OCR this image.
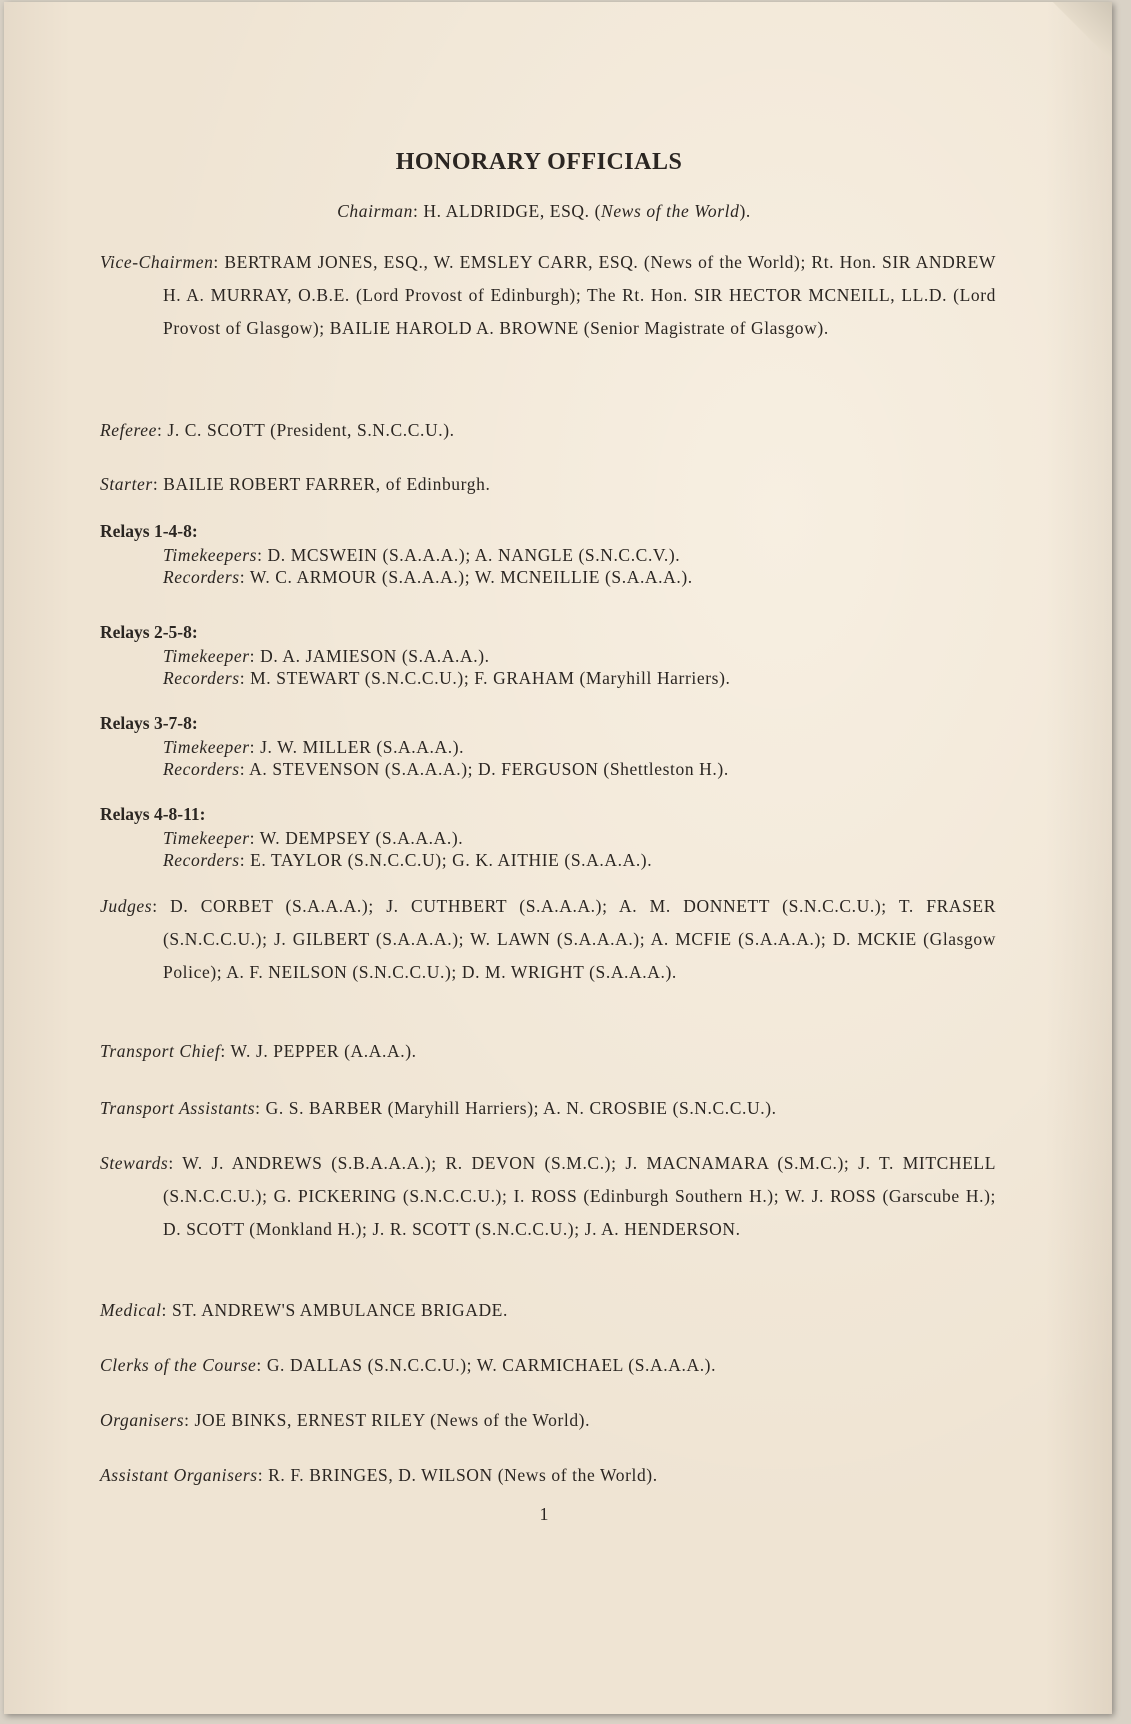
HONORARY OFFICIALS
Chairman: H. ALDRIDGE, ESQ. (News of the World).
Vice-Chairmen: BERTRAM JONES, ESQ., W. EMSLEY CARR, ESQ. (News of the World); Rt. Hon. SIR ANDREW H. A. MURRAY, O.B.E. (Lord Provost of Edinburgh); The Rt. Hon. SIR HECTOR MCNEILL, LL.D. (Lord Provost of Glasgow); BAILIE HAROLD A. BROWNE (Senior Magistrate of Glasgow).
Referee: J. C. SCOTT (President, S.N.C.C.U.).
Starter: BAILIE ROBERT FARRER, of Edinburgh.
Relays 1-4-8:
Timekeepers: D. MCSWEIN (S.A.A.A.); A. NANGLE (S.N.C.C.V.).
Recorders: W. C. ARMOUR (S.A.A.A.); W. MCNEILLIE (S.A.A.A.).
Relays 2-5-8:
Timekeeper: D. A. JAMIESON (S.A.A.A.).
Recorders: M. STEWART (S.N.C.C.U.); F. GRAHAM (Maryhill Harriers).
Relays 3-7-8:
Timekeeper: J. W. MILLER (S.A.A.A.).
Recorders: A. STEVENSON (S.A.A.A.); D. FERGUSON (Shettleston H.).
Relays 4-8-11:
Timekeeper: W. DEMPSEY (S.A.A.A.).
Recorders: E. TAYLOR (S.N.C.C.U); G. K. AITHIE (S.A.A.A.).
Judges: D. CORBET (S.A.A.A.); J. CUTHBERT (S.A.A.A.); A. M. DONNETT (S.N.C.C.U.); T. FRASER (S.N.C.C.U.); J. GILBERT (S.A.A.A.); W. LAWN (S.A.A.A.); A. MCFIE (S.A.A.A.); D. MCKIE (Glasgow Police); A. F. NEILSON (S.N.C.C.U.); D. M. WRIGHT (S.A.A.A.).
Transport Chief: W. J. PEPPER (A.A.A.).
Transport Assistants: G. S. BARBER (Maryhill Harriers); A. N. CROSBIE (S.N.C.C.U.).
Stewards: W. J. ANDREWS (S.B.A.A.A.); R. DEVON (S.M.C.); J. MACNAMARA (S.M.C.); J. T. MITCHELL (S.N.C.C.U.); G. PICKERING (S.N.C.C.U.); I. ROSS (Edinburgh Southern H.); W. J. ROSS (Garscube H.); D. SCOTT (Monkland H.); J. R. SCOTT (S.N.C.C.U.); J. A. HENDERSON.
Medical: ST. ANDREW'S AMBULANCE BRIGADE.
Clerks of the Course: G. DALLAS (S.N.C.C.U.); W. CARMICHAEL (S.A.A.A.).
Organisers: JOE BINKS, ERNEST RILEY (News of the World).
Assistant Organisers: R. F. BRINGES, D. WILSON (News of the World).
1
